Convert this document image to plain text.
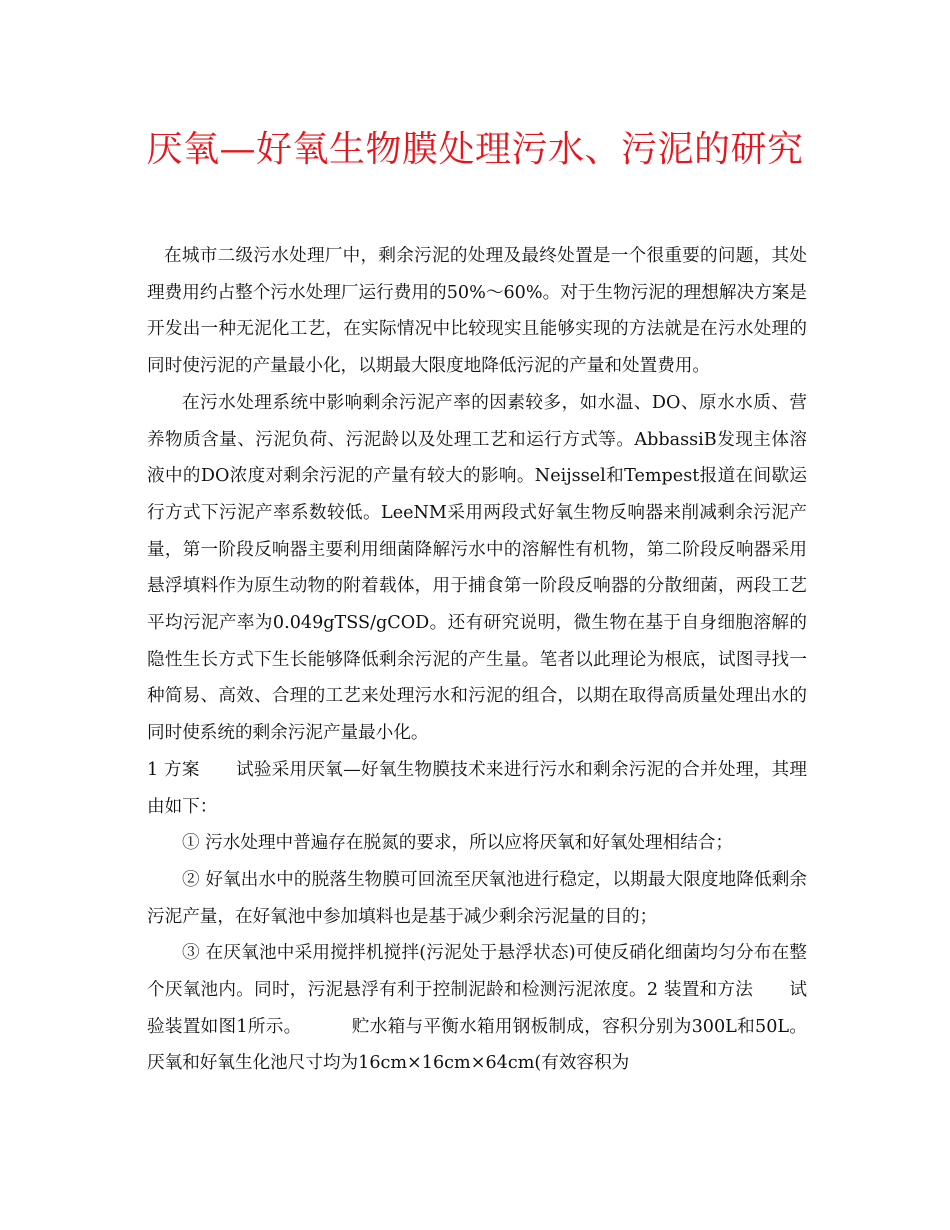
厌氧—好氧生物膜处理污水、污泥的研究

在城市二级污水处理厂中，剩余污泥的处理及最终处置是一个很重要的问题，其处理费用约占整个污水处理厂运行费用的50%～60%。对于生物污泥的理想解决方案是开发出一种无泥化工艺，在实际情况中比较现实且能够实现的方法就是在污水处理的同时使污泥的产量最小化，以期最大限度地降低污泥的产量和处置费用。

在污水处理系统中影响剩余污泥产率的因素较多，如水温、DO、原水水质、营养物质含量、污泥负荷、污泥龄以及处理工艺和运行方式等。AbbassiB发现主体溶液中的DO浓度对剩余污泥的产量有较大的影响。Neijssel和Tempest报道在间歇运行方式下污泥产率系数较低。LeeNM采用两段式好氧生物反响器来削减剩余污泥产量，第一阶段反响器主要利用细菌降解污水中的溶解性有机物，第二阶段反响器采用悬浮填料作为原生动物的附着载体，用于捕食第一阶段反响器的分散细菌，两段工艺平均污泥产率为0.049gTSS/gCOD。还有研究说明，微生物在基于自身细胞溶解的隐性生长方式下生长能够降低剩余污泥的产生量。笔者以此理论为根底，试图寻找一种简易、高效、合理的工艺来处理污水和污泥的组合，以期在取得高质量处理出水的同时使系统的剩余污泥产量最小化。

1 方案 试验采用厌氧—好氧生物膜技术来进行污水和剩余污泥的合并处理，其理由如下：

① 污水处理中普遍存在脱氮的要求，所以应将厌氧和好氧处理相结合；

② 好氧出水中的脱落生物膜可回流至厌氧池进行稳定，以期最大限度地降低剩余污泥产量，在好氧池中参加填料也是基于减少剩余污泥量的目的；

③ 在厌氧池中采用搅拌机搅拌(污泥处于悬浮状态)可使反硝化细菌均匀分布在整个厌氧池内。同时，污泥悬浮有利于控制泥龄和检测污泥浓度。2 装置和方法 试验装置如图1所示。	贮水箱与平衡水箱用钢板制成，容积分别为300L和50L。厌氧和好氧生化池尺寸均为16cm×16cm×64cm(有效容积为
